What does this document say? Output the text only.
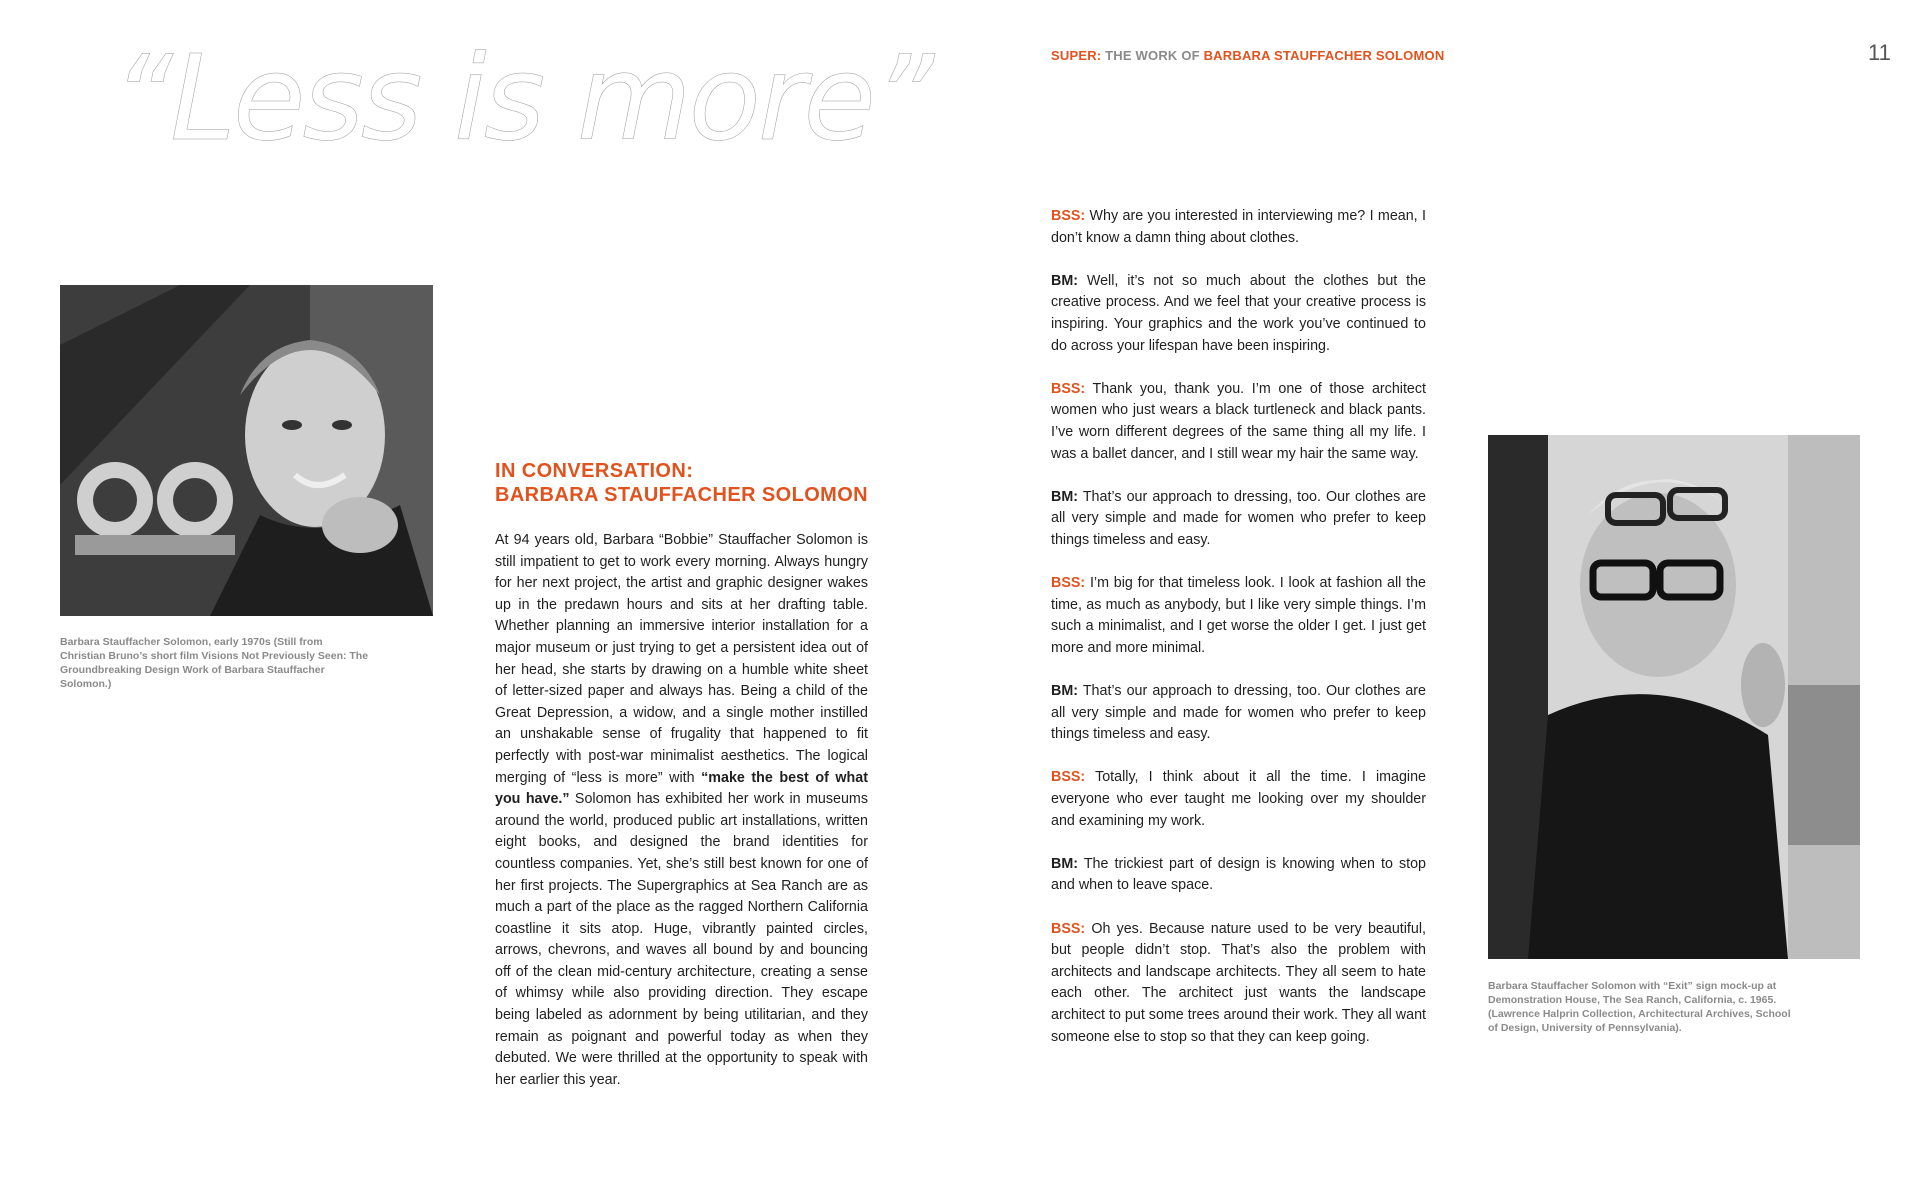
“Less is more”	SUPER: THE WORK OF BARBARA STAUFFACHER SOLOMON	11
Barbara Stauffacher Solomon, early 1970s (Still from Christian Bruno’s short film Visions Not Previously Seen: The Groundbreaking Design Work of Barbara Stauffacher Solomon.)
IN CONVERSATION:
BARBARA STAUFFACHER SOLOMON
At 94 years old, Barbara “Bobbie” Stauffacher Solomon is still impatient to get to work every morning. Always hungry for her next project, the artist and graphic designer wakes up in the predawn hours and sits at her drafting table. Whether planning an immersive interior installation for a major museum or just trying to get a persistent idea out of her head, she starts by drawing on a humble white sheet of letter-sized paper and always has. Being a child of the Great Depression, a widow, and a single mother instilled an unshakable sense of frugality that happened to fit perfectly with post-war minimalist aesthetics. The logical merging of “less is more” with “make the best of what you have.” Solomon has exhibited her work in museums around the world, produced public art installations, written eight books, and designed the brand identities for countless companies. Yet, she’s still best known for one of her first projects. The Supergraphics at Sea Ranch are as much a part of the place as the ragged Northern California coastline it sits atop. Huge, vibrantly painted circles, arrows, chevrons, and waves all bound by and bouncing off of the clean mid-century architecture, creating a sense of whimsy while also providing direction. They escape being labeled as adornment by being utilitarian, and they remain as poignant and powerful today as when they debuted. We were thrilled at the opportunity to speak with her earlier this year.

BSS: Why are you interested in interviewing me? I mean, I don’t know a damn thing about clothes.

BM: Well, it’s not so much about the clothes but the creative process. And we feel that your creative process is inspiring. Your graphics and the work you’ve continued to do across your lifespan have been inspiring.

BSS: Thank you, thank you. I’m one of those architect women who just wears a black turtleneck and black pants. I’ve worn different degrees of the same thing all my life. I was a ballet dancer, and I still wear my hair the same way.

BM: That’s our approach to dressing, too. Our clothes are all very simple and made for women who prefer to keep things timeless and easy.

BSS: I’m big for that timeless look. I look at fashion all the time, as much as anybody, but I like very simple things. I’m such a minimalist, and I get worse the older I get. I just get more and more minimal.

BM: That’s our approach to dressing, too. Our clothes are all very simple and made for women who prefer to keep things timeless and easy.

BSS: Totally, I think about it all the time. I imagine everyone who ever taught me looking over my shoulder and examining my work.

BM: The trickiest part of design is knowing when to stop and when to leave space.

BSS: Oh yes. Because nature used to be very beautiful, but people didn’t stop. That’s also the problem with architects and landscape architects. They all seem to hate each other. The architect just wants the landscape architect to put some trees around their work. They all want someone else to stop so that they can keep going.

Barbara Stauffacher Solomon with “Exit” sign mock-up at Demonstration House, The Sea Ranch, California, c. 1965. (Lawrence Halprin Collection, Architectural Archives, School of Design, University of Pennsylvania).
